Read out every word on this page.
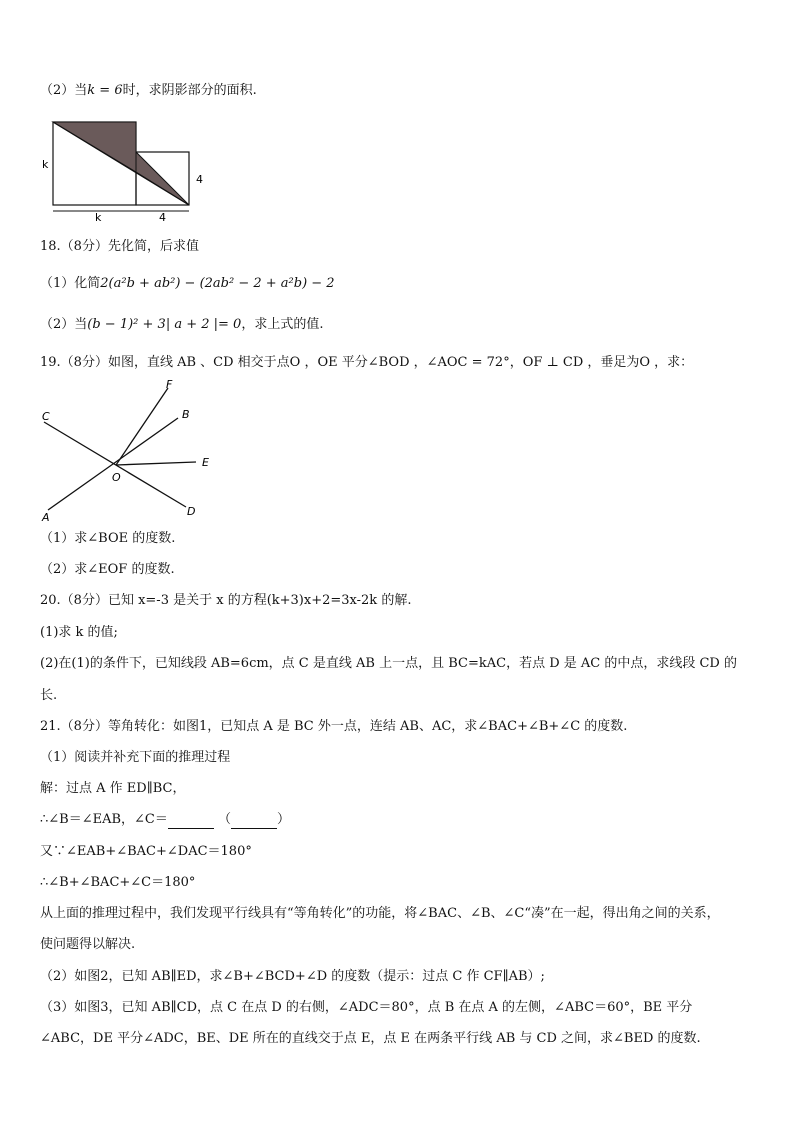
（2）当k = 6时，求阴影部分的面积.
k
k	4
4
18.（8分）先化简，后求值
（1）化简2(a²b + ab²) − (2ab² − 2 + a²b) − 2
（2）当(b − 1)² + 3| a + 2 |= 0，求上式的值.
19.（8分）如图，直线 AB 、CD 相交于点O ，OE 平分∠BOD ，∠AOC = 72°，OF ⊥ CD ，垂足为O ，求：
C
F
B
E
O
A	D
（1）求∠BOE 的度数.
（2）求∠EOF 的度数.
20.（8分）已知 x=-3 是关于 x 的方程(k+3)x+2=3x-2k 的解.
(1)求 k 的值;
(2)在(1)的条件下，已知线段 AB=6cm，点 C 是直线 AB 上一点，且 BC=kAC，若点 D 是 AC 的中点，求线段 CD 的
长.
21.（8分）等角转化：如图1，已知点 A 是 BC 外一点，连结 AB、AC，求∠BAC+∠B+∠C 的度数.
（1）阅读并补充下面的推理过程
解：过点 A 作 ED∥BC，
∴∠B＝∠EAB，∠C＝	（	）
又∵∠EAB+∠BAC+∠DAC＝180°
∴∠B+∠BAC+∠C＝180°
从上面的推理过程中，我们发现平行线具有“等角转化”的功能，将∠BAC、∠B、∠C“凑”在一起，得出角之间的关系，
使问题得以解决.
（2）如图2，已知 AB∥ED，求∠B+∠BCD+∠D 的度数（提示：过点 C 作 CF∥AB）;
（3）如图3，已知 AB∥CD，点 C 在点 D 的右侧，∠ADC＝80°，点 B 在点 A 的左侧，∠ABC＝60°，BE 平分
∠ABC，DE 平分∠ADC，BE、DE 所在的直线交于点 E，点 E 在两条平行线 AB 与 CD 之间，求∠BED 的度数.
